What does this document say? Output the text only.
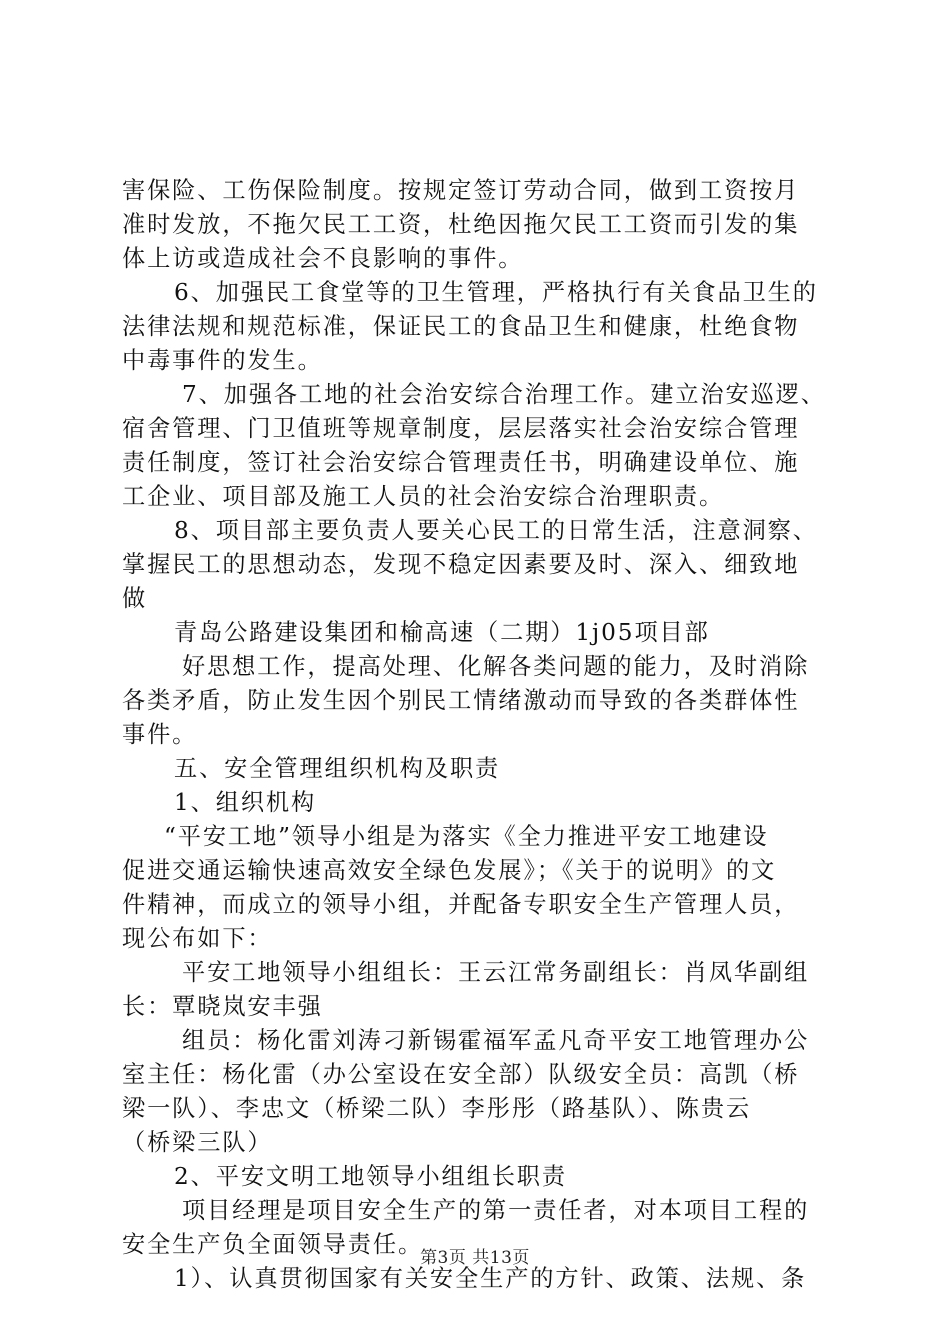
害保险、工伤保险制度。按规定签订劳动合同，做到工资按月
准时发放，不拖欠民工工资，杜绝因拖欠民工工资而引发的集
体上访或造成社会不良影响的事件。
6、加强民工食堂等的卫生管理，严格执行有关食品卫生的
法律法规和规范标准，保证民工的食品卫生和健康，杜绝食物
中毒事件的发生。
7、加强各工地的社会治安综合治理工作。建立治安巡逻、
宿舍管理、门卫值班等规章制度，层层落实社会治安综合管理
责任制度，签订社会治安综合管理责任书，明确建设单位、施
工企业、项目部及施工人员的社会治安综合治理职责。
8、项目部主要负责人要关心民工的日常生活，注意洞察、
掌握民工的思想动态，发现不稳定因素要及时、深入、细致地
做
青岛公路建设集团和榆高速（二期）1j05项目部
好思想工作，提高处理、化解各类问题的能力，及时消除
各类矛盾，防止发生因个别民工情绪激动而导致的各类群体性
事件。
五、安全管理组织机构及职责
1、组织机构
“平安工地”领导小组是为落实《全力推进平安工地建设
促进交通运输快速高效安全绿色发展》；《关于的说明》的文
件精神，而成立的领导小组，并配备专职安全生产管理人员，
现公布如下：
平安工地领导小组组长：王云江常务副组长：肖凤华副组
长：覃晓岚安丰强
组员：杨化雷刘涛刁新锡霍福军孟凡奇平安工地管理办公
室主任：杨化雷（办公室设在安全部）队级安全员：高凯（桥
梁一队）、李忠文（桥梁二队）李彤彤（路基队）、陈贵云
（桥梁三队）
2、平安文明工地领导小组组长职责
项目经理是项目安全生产的第一责任者，对本项目工程的
安全生产负全面领导责任。
1）、认真贯彻国家有关安全生产的方针、政策、法规、条
第3页 共13页
